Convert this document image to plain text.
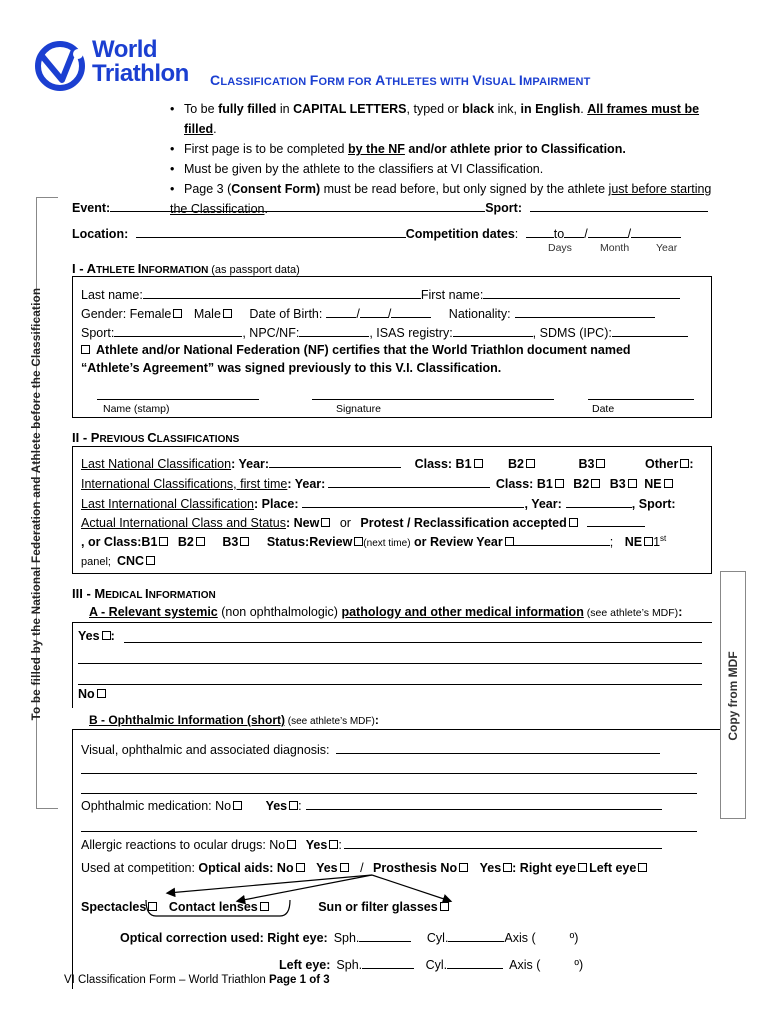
World
Triathlon CLASSIFICATION FORM FOR ATHLETES WITH VISUAL IMPAIRMENT
• To be fully filled in CAPITAL LETTERS, typed or black ink, in English. All frames must be filled.
• First page is to be completed by the NF and/or athlete prior to Classification.
• Must be given by the athlete to the classifiers at VI Classification.
• Page 3 (Consent Form) must be read before, but only signed by the athlete just before starting
the Classification.
To be filled by the National Federation and Athlete before the Classification	Copy from MDF
Event:	Sport:
Location:	Competition dates:	to /	/
Days	Month	Year
I - ATHLETE INFORMATION (as passport data)
Last name:	First name:
Gender: Female Male Date of Birth:	/ /	Nationality:
Sport:	, NPC/NF:	, ISAS registry:	, SDMS (IPC):
Athlete and/or National Federation (NF) certifies that the World Triathlon document named
“Athlete’s Agreement” was signed previously to this V.I. Classification.
Name (stamp)	Signature	Date
II - PREVIOUS CLASSIFICATIONS
Last National Classification: Year:	Class: B1	B2	B3	Other :
International Classifications, first time: Year:	Class: B1 B2 B3 NE
Last International Classification: Place:	, Year:	, Sport:
Actual International Class and Status: New or Protest / Reclassification accepted
, or Class:B1 B2 B3 Status:Review (next time) or Review Year	; NE 1st
panel; CNC
III - MEDICAL INFORMATION
A - Relevant systemic (non ophthalmologic) pathology and other medical information (see athlete’s MDF):
Yes :
No
B - Ophthalmic Information (short) (see athlete’s MDF):
Visual, ophthalmic and associated diagnosis:
Ophthalmic medication: No	Yes :
Allergic reactions to ocular drugs: No Yes :
Used at competition: Optical aids: No Yes / Prosthesis No Yes : Right eye Left eye
Spectacles Contact lenses	Sun or filter glasses
Optical correction used: Right eye: Sph.	Cyl.	Axis (	º)
Left eye: Sph.	Cyl.	Axis (	º)
VI Classification Form – World Triathlon Page 1 of 3
